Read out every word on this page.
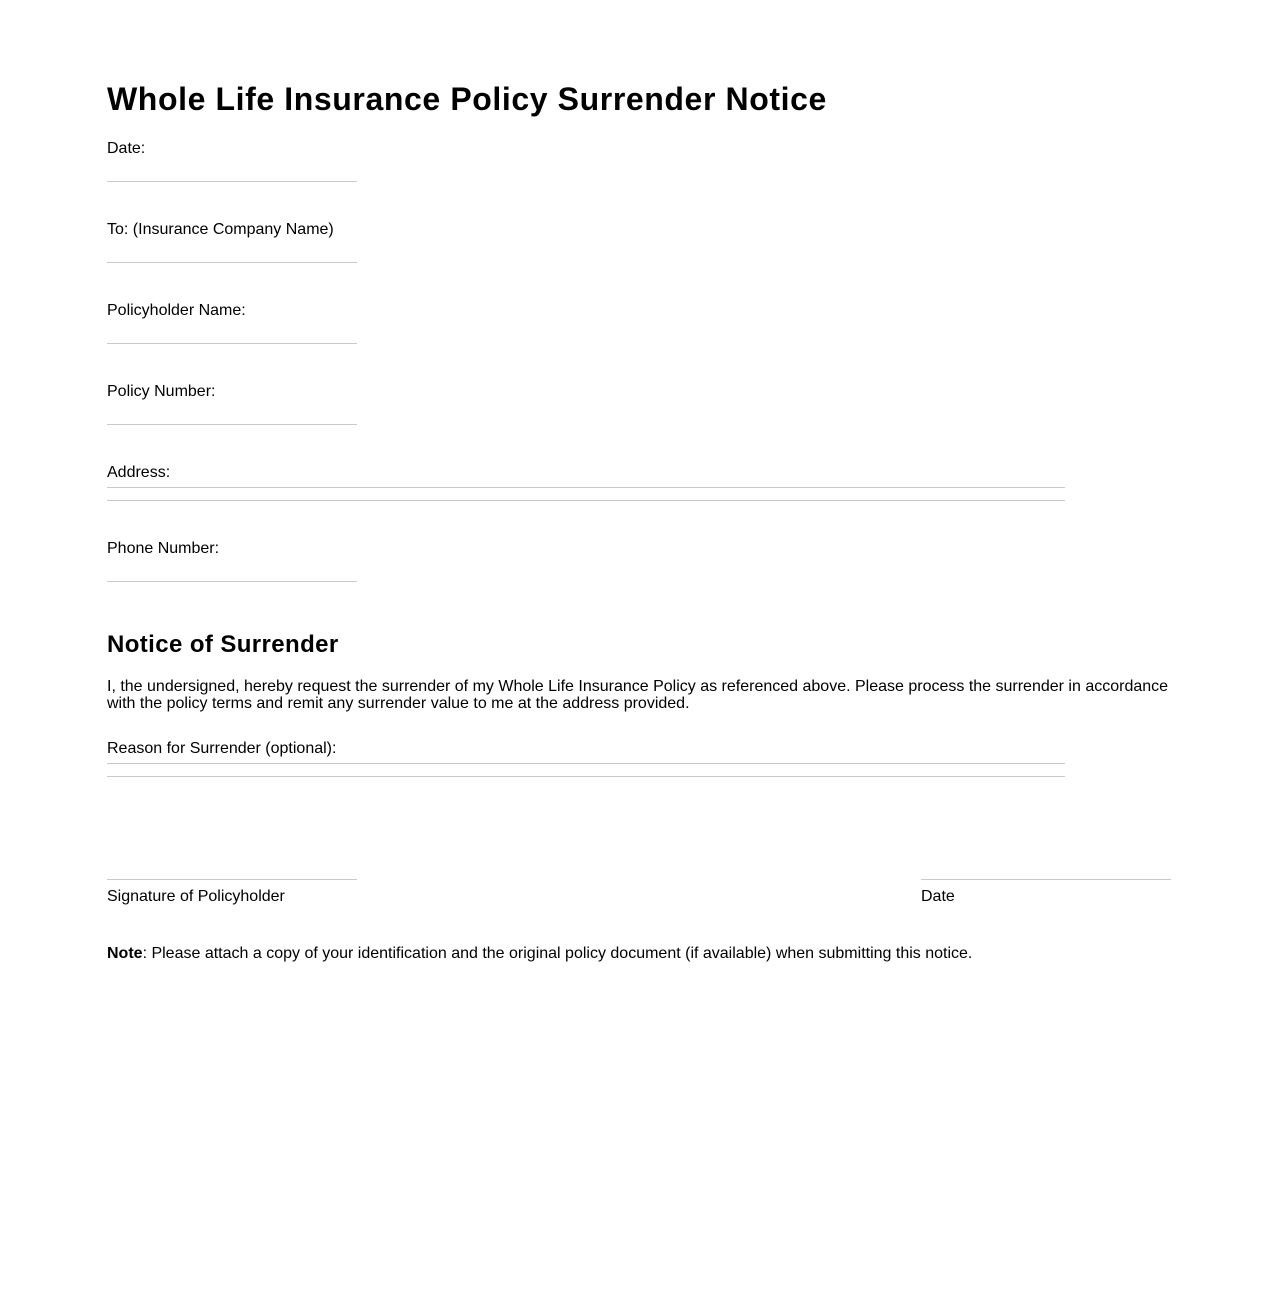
Whole Life Insurance Policy Surrender Notice
Date:
To: (Insurance Company Name)
Policyholder Name:
Policy Number:
Address:
Phone Number:
Notice of Surrender

I, the undersigned, hereby request the surrender of my Whole Life Insurance Policy as referenced above. Please process the surrender in accordance with the policy terms and remit any surrender value to me at the address provided.

Reason for Surrender (optional):
Signature of Policyholder	Date

Note: Please attach a copy of your identification and the original policy document (if available) when submitting this notice.
